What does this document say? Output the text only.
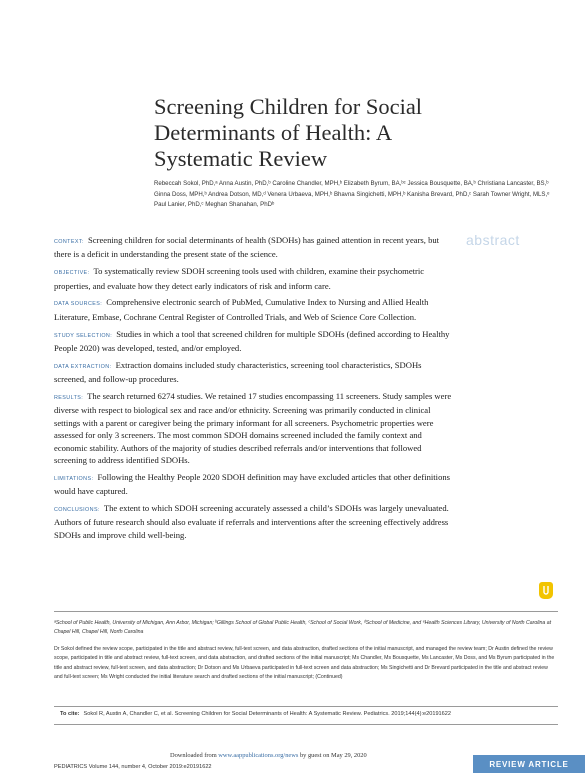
Screening Children for Social Determinants of Health: A Systematic Review
Rebeccah Sokol, PhD,ᵃ Anna Austin, PhD,ᵇ Caroline Chandler, MPH,ᵇ Elizabeth Byrum, BA,ᵇᶜ Jessica Bousquette, BA,ᵇ Christiana Lancaster, BS,ᵇ Ginna Doss, MPH,ᵇ Andrea Dotson, MD,ᵈ Venera Urbaeva, MPH,ᵇ Bhavna Singichetti, MPH,ᵇ Kanisha Brevard, PhD,ᶜ Sarah Towner Wright, MLS,ᵉ Paul Lanier, PhD,ᶜ Meghan Shanahan, PhDᵇ
abstract

CONTEXT: Screening children for social determinants of health (SDOHs) has gained attention in recent years, but there is a deficit in understanding the present state of the science.

OBJECTIVE: To systematically review SDOH screening tools used with children, examine their psychometric properties, and evaluate how they detect early indicators of risk and inform care.

DATA SOURCES: Comprehensive electronic search of PubMed, Cumulative Index to Nursing and Allied Health Literature, Embase, Cochrane Central Register of Controlled Trials, and Web of Science Core Collection.

STUDY SELECTION: Studies in which a tool that screened children for multiple SDOHs (defined according to Healthy People 2020) was developed, tested, and/or employed.

DATA EXTRACTION: Extraction domains included study characteristics, screening tool characteristics, SDOHs screened, and follow-up procedures.

RESULTS: The search returned 6274 studies. We retained 17 studies encompassing 11 screeners. Study samples were diverse with respect to biological sex and race and/or ethnicity. Screening was primarily conducted in clinical settings with a parent or caregiver being the primary informant for all screeners. Psychometric properties were assessed for only 3 screeners. The most common SDOH domains screened included the family context and economic stability. Authors of the majority of studies described referrals and/or interventions that followed screening to address identified SDOHs.

LIMITATIONS: Following the Healthy People 2020 SDOH definition may have excluded articles that other definitions would have captured.

CONCLUSIONS: The extent to which SDOH screening accurately assessed a child’s SDOHs was largely unevaluated. Authors of future research should also evaluate if referrals and interventions after the screening effectively address SDOHs and improve child well-being.

ᵃSchool of Public Health, University of Michigan, Ann Arbor, Michigan; ᵇGillings School of Global Public Health, ᶜSchool of Social Work, ᵈSchool of Medicine, and ᵉHealth Sciences Library, University of North Carolina at Chapel Hill, Chapel Hill, North Carolina
Dr Sokol defined the review scope, participated in the title and abstract review, full-text screen, and data abstraction, drafted sections of the initial manuscript, and managed the review team; Dr Austin defined the review scope, participated in title and abstract review, full-text screen, and data abstraction, and drafted sections of the initial manuscript; Ms Chandler, Ms Bousquette, Ms Lancaster, Ms Doss, and Ms Byrum participated in the title and abstract review, full-text screen, and data abstraction; Dr Dotson and Ms Urbaeva participated in full-text screen and data abstraction; Ms Singichetti and Dr Brevard participated in the title and abstract review and full-text screen; Ms Wright conducted the initial literature search and drafted sections of the initial manuscript; (Continued)
To cite: Sokol R, Austin A, Chandler C, et al. Screening Children for Social Determinants of Health: A Systematic Review. Pediatrics. 2019;144(4):e20191622
Downloaded from www.aappublications.org/news by guest on May 29, 2020
PEDIATRICS Volume 144, number 4, October 2019:e20191622	REVIEW ARTICLE
